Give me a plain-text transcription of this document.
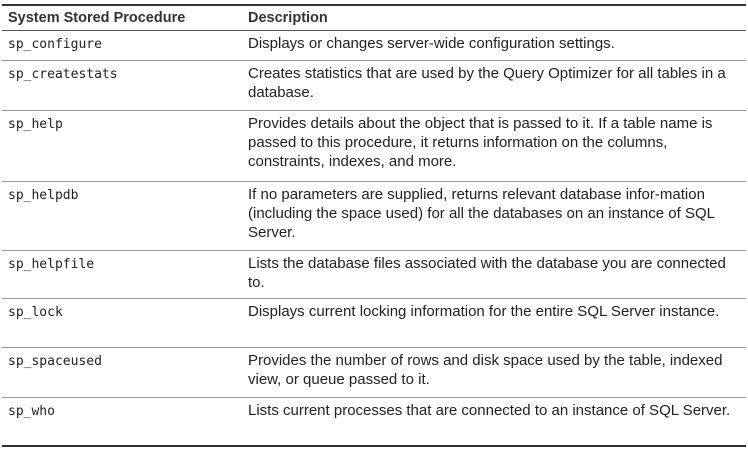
System Stored Procedure	Description
sp_configure	Displays or changes server-wide configuration settings.
sp_createstats	Creates statistics that are used by the Query Optimizer for all tables in a database.
sp_help	Provides details about the object that is passed to it. If a table name is passed to this procedure, it returns information on the columns, constraints, indexes, and more.
sp_helpdb	If no parameters are supplied, returns relevant database infor-mation (including the space used) for all the databases on an instance of SQL Server.
sp_helpfile	Lists the database files associated with the database you are connected to.
sp_lock	Displays current locking information for the entire SQL Server instance.
sp_spaceused	Provides the number of rows and disk space used by the table, indexed view, or queue passed to it.
sp_who	Lists current processes that are connected to an instance of SQL Server.
